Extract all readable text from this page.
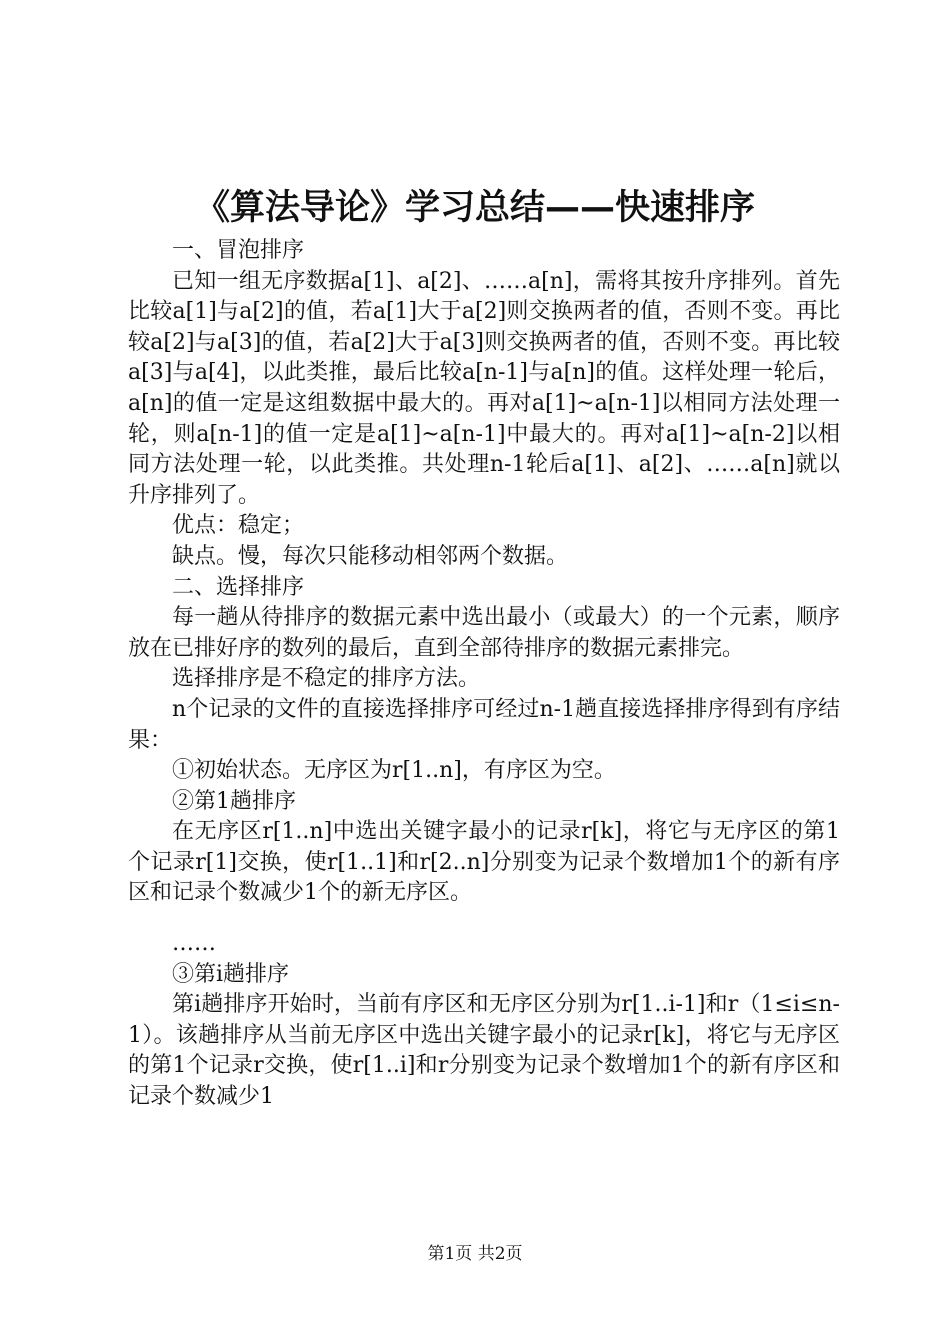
《算法导论》学习总结——快速排序

一、冒泡排序

已知一组无序数据a[1]、a[2]、……a[n]，需将其按升序排列。首先比较a[1]与a[2]的值，若a[1]大于a[2]则交换两者的值，否则不变。再比较a[2]与a[3]的值，若a[2]大于a[3]则交换两者的值，否则不变。再比较a[3]与a[4]，以此类推，最后比较a[n-1]与a[n]的值。这样处理一轮后，a[n]的值一定是这组数据中最大的。再对a[1]~a[n-1]以相同方法处理一轮，则a[n-1]的值一定是a[1]~a[n-1]中最大的。再对a[1]~a[n-2]以相同方法处理一轮，以此类推。共处理n-1轮后a[1]、a[2]、……a[n]就以升序排列了。

优点：稳定；

缺点。慢，每次只能移动相邻两个数据。

二、选择排序

每一趟从待排序的数据元素中选出最小（或最大）的一个元素，顺序放在已排好序的数列的最后，直到全部待排序的数据元素排完。

选择排序是不稳定的排序方法。

n个记录的文件的直接选择排序可经过n-1趟直接选择排序得到有序结果：

①初始状态。无序区为r[1..n]，有序区为空。

②第1趟排序

在无序区r[1..n]中选出关键字最小的记录r[k]，将它与无序区的第1个记录r[1]交换，使r[1..1]和r[2..n]分别变为记录个数增加1个的新有序区和记录个数减少1个的新无序区。

……

③第i趟排序

第i趟排序开始时，当前有序区和无序区分别为r[1..i-1]和r（1≤i≤n-1）。该趟排序从当前无序区中选出关键字最小的记录r[k]，将它与无序区的第1个记录r交换，使r[1..i]和r分别变为记录个数增加1个的新有序区和记录个数减少1

第1页 共2页
